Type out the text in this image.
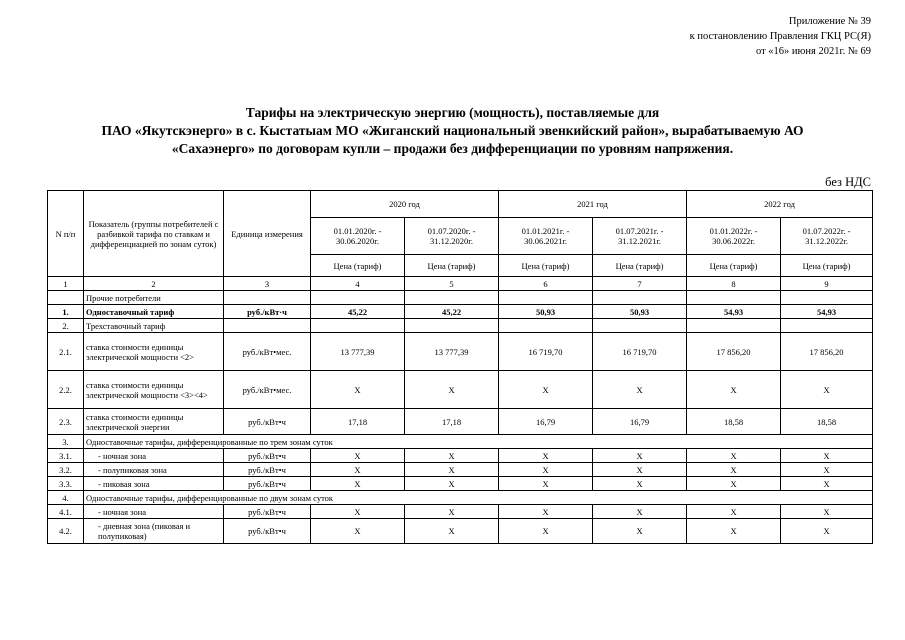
Приложение № 39
к постановлению Правления ГКЦ РС(Я)
от «16» июня 2021г. № 69
Тарифы на электрическую энергию (мощность), поставляемые для
ПАО «Якутскэнерго» в с. Кыстатыам МО «Жиганский национальный эвенкийский район», вырабатываемую АО
«Сахаэнерго» по договорам купли – продажи без дифференциации по уровням напряжения.
без НДС
N п/п	Показатель (группы потребителей с разбивкой тарифа по ставкам и дифференциацией по зонам суток)	Единица измерения	2020 год		2021 год		2022 год	
			01.01.2020г. - 30.06.2020г.	01.07.2020г. - 31.12.2020г.	01.01.2021г. - 30.06.2021г.	01.07.2021г. - 31.12.2021г.	01.01.2022г. - 30.06.2022г.	01.07.2022г. - 31.12.2022г.
			Цена (тариф)	Цена (тариф)	Цена (тариф)	Цена (тариф)	Цена (тариф)	Цена (тариф)
1	2	3	4	5	6	7	8	9
	Прочие потребители							
1.	Одноставочный тариф	руб./кВт·ч	45,22	45,22	50,93	50,93	54,93	54,93
2.	Трехставочный тариф							
2.1.	ставка стоимости единицы электрической мощности <2>	руб./кВт•мес.	13 777,39	13 777,39	16 719,70	16 719,70	17 856,20	17 856,20
2.2.	ставка стоимости единицы электрической мощности <3><4>	руб./кВт•мес.	X	X	X	X	X	X
2.3.	ставка стоимости единицы электрической энергии	руб./кВт•ч	17,18	17,18	16,79	16,79	18,58	18,58
3.	Одноставочные тарифы, дифференцированные по трем зонам суток							
3.1.	- ночная зона	руб./кВт•ч	X	X	X	X	X	X
3.2.	- полупиковая зона	руб./кВт•ч	X	X	X	X	X	X
3.3.	- пиковая зона	руб./кВт•ч	X	X	X	X	X	X
4.	Одноставочные тарифы, дифференцированные по двум зонам суток							
4.1.	- ночная зона	руб./кВт•ч	X	X	X	X	X	X
4.2.	- дневная зона (пиковая и полупиковая)	руб./кВт•ч	X	X	X	X	X	X
